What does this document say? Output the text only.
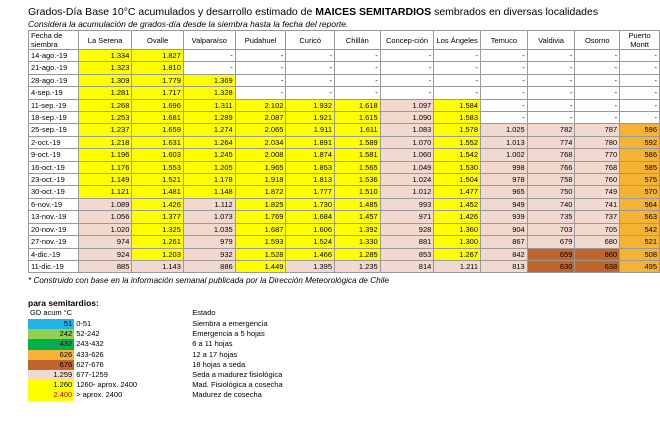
Grados-Día Base 10°C acumulados y desarrollo estimado de MAICES SEMITARDIOS sembrados en diversas localidades
Considera la acumulación de grados-día desde la siembra hasta la fecha del reporte.
Fecha de siembra	La Serena	Ovalle	Valparaíso	Pudahuel	Curicó	Chillán	Concep-ción	Los Ángeles	Temuco	Valdivia	Osorno	Puerto Montt
14-ago.-19	1.334	1.827	-	-	-	-	-	-	-	-	-	-
21-ago.-19	1.323	1.810	-	-	-	-	-	-	-	-	-	-
28-ago.-19	1.309	1.779	1.369	-	-	-	-	-	-	-	-	-
4-sep.-19	1.281	1.717	1.328	-	-	-	-	-	-	-	-	-
11-sep.-19	1.268	1.696	1.311	2.102	1.932	1.618	1.097	1.584	-	-	-	-
18-sep.-19	1.253	1.681	1.289	2.087	1.921	1.615	1.090	1.583	-	-	-	-
25-sep.-19	1.237	1.659	1.274	2.065	1.911	1.611	1.083	1.578	1.025	782	787	596
2-oct.-19	1.218	1.631	1.264	2.034	1.891	1.589	1.070	1.552	1.013	774	780	592
9-oct.-19	1.196	1.603	1.245	2.008	1.874	1.581	1.060	1.542	1.002	768	770	586
16-oct.-19	1.176	1.553	1.205	1.965	1.853	1.565	1.049	1.530	998	766	768	585
23-oct.-19	1.149	1.521	1.178	1.918	1.813	1.536	1.024	1.504	978	758	760	575
30-oct.-19	1.121	1.481	1.148	1.872	1.777	1.510	1.012	1.477	965	750	749	570
6-nov.-19	1.089	1.426	1.112	1.825	1.730	1.485	993	1.452	949	740	741	564
13-nov.-19	1.056	1.377	1.073	1.769	1.684	1.457	971	1.426	939	735	737	563
20-nov.-19	1.020	1.325	1.035	1.687	1.606	1.392	928	1.360	904	703	705	542
27-nov.-19	974	1.261	979	1.593	1.524	1.330	881	1.300	867	679	680	521
4-dic.-19	924	1.203	932	1.528	1.466	1.285	853	1.267	842	659	660	508
11-dic.-19	885	1.143	886	1.449	1.395	1.235	814	1.211	813	630	638	495
* Construido con base en la información semanal publicada por la Dirección Meteorológica de Chile
para semitardios:
GD acum °C		Estado
51	0-51	Siembra a emergencia
242	52-242	Emergencia a 5 hojas
432	243-432	6 a 11 hojas
626	433-626	12 a 17 hojas
676	627-676	18 hojas a seda
1.259	677-1259	Seda a madurez fisiológica
1.260	1260- aprox. 2400	Mad. Fisiológica a cosecha
2.400	> aprox. 2400	Madurez de cosecha
